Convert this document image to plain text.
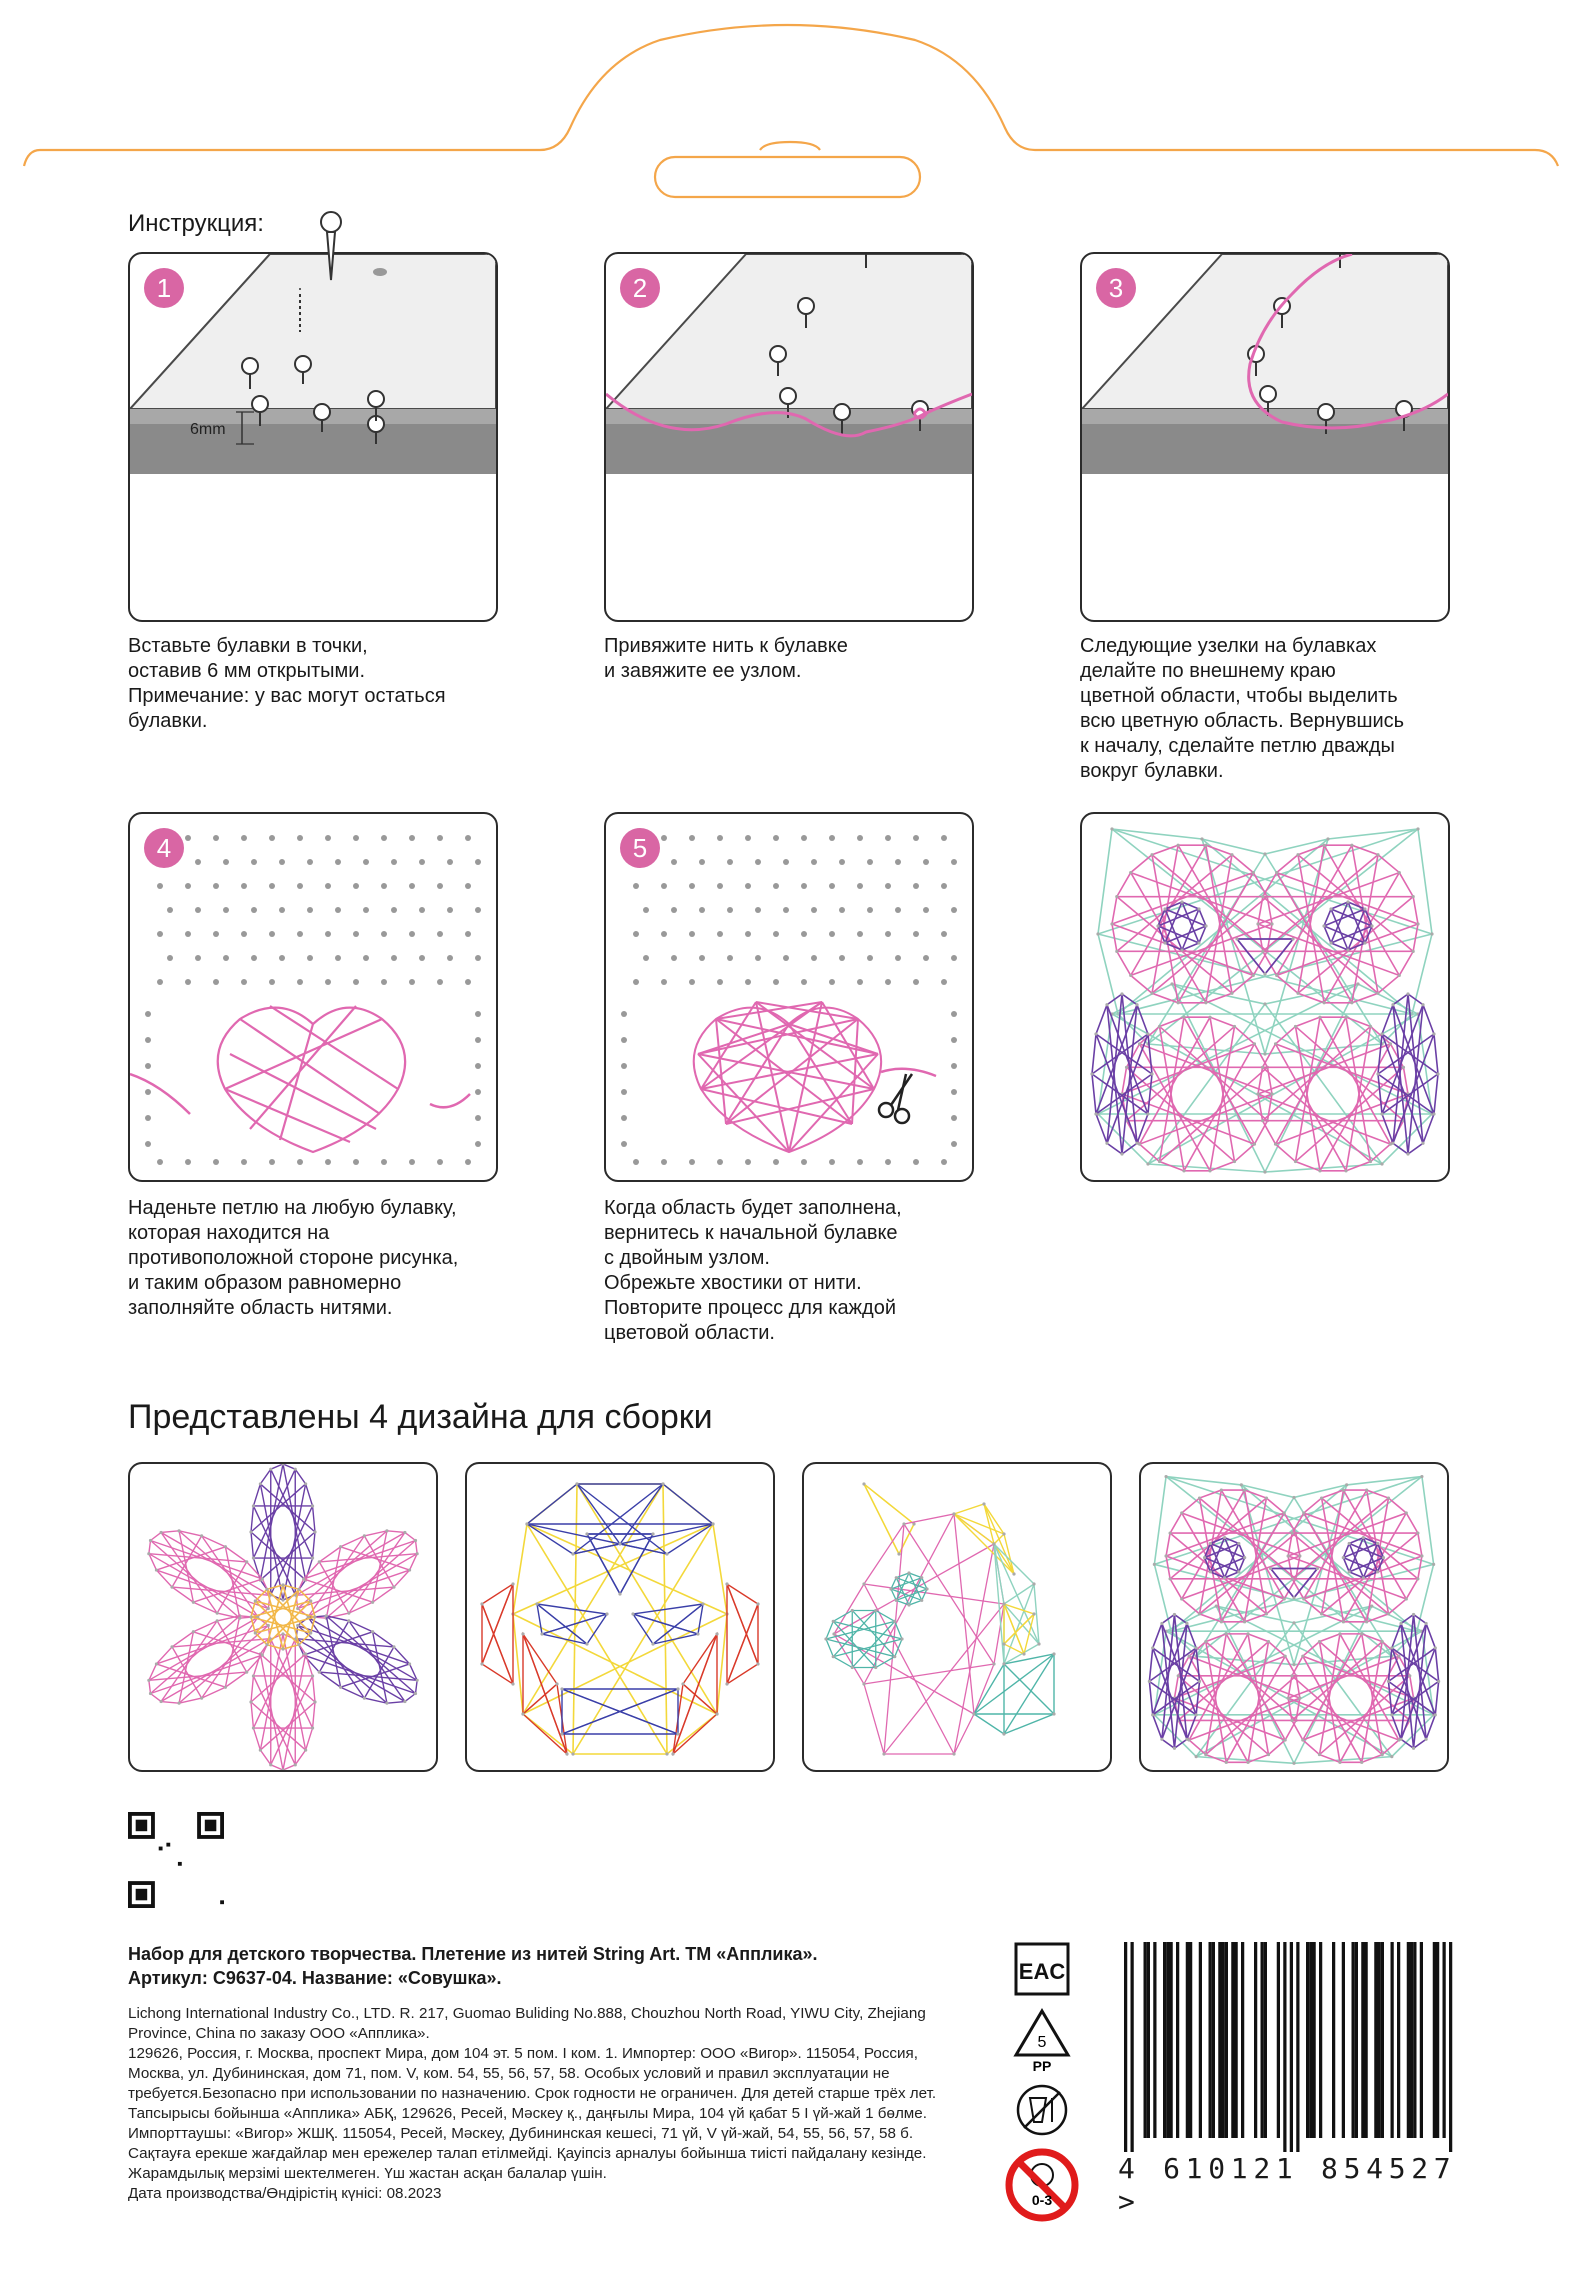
Инструкция:
6mm
1
Вставьте булавки в точки,
оставив 6 мм открытыми.
Примечание: у вас могут остаться
булавки.
2
Привяжите нить к булавке
и завяжите ее узлом.
3
Следующие узелки на булавках
делайте по внешнему краю
цветной области, чтобы выделить
всю цветную область. Вернувшись
к началу, сделайте петлю дважды
вокруг булавки.
4
Наденьте петлю на любую булавку,
которая находится на
противоположной стороне рисунка,
и таким образом равномерно
заполняйте область нитями.
5
Когда область будет заполнена,
вернитесь к начальной булавке
с двойным узлом.
Обрежьте хвостики от нити.
Повторите процесс для каждой
цветовой области.
Представлены 4 дизайна для сборки
Набор для детского творчества. Плетение из нитей String Art. ТМ «Апплика».
Артикул: С9637-04. Название: «Совушка».
Lichong International Industry Co., LTD. R. 217, Guomao Buliding No.888, Chouzhou North Road, YIWU City, Zhejiang
Province, China по заказу ООО «Апплика».
129626, Россия, г. Москва, проспект Мира, дом 104 эт. 5 пом. I ком. 1. Импортер: ООО «Вигор». 115054, Россия,
Москва, ул. Дубининская, дом 71, пом. V, ком. 54, 55, 56, 57, 58. Особых условий и правил эксплуатации не
требуется.Безопасно при использовании по назначению. Срок годности не ограничен. Для детей старше трёх лет.
Тапсырысы бойынша «Апплика» АБҚ, 129626, Ресей, Мәскеу қ., даңғылы Мира, 104 үй қабат 5 I үй-жай 1 бөлме.
Импорттаушы: «Вигор» ЖШҚ. 115054, Ресей, Мәскеу, Дубининская кешесі, 71 үй, V үй-жай, 54, 55, 56, 57, 58 б.
Сақтауға ерекше жағдайлар мен ережелер талап етілмейді. Қауіпсіз арналуы бойынша тиісті пайдалану кезінде.
Жарамдылық мерзімі шектелмеген. Үш жастан асқан балалар үшін.
Дата производства/Өндірістің күнісі: 08.2023
EAC

5
PP

0-3
4 610121 854527 >
